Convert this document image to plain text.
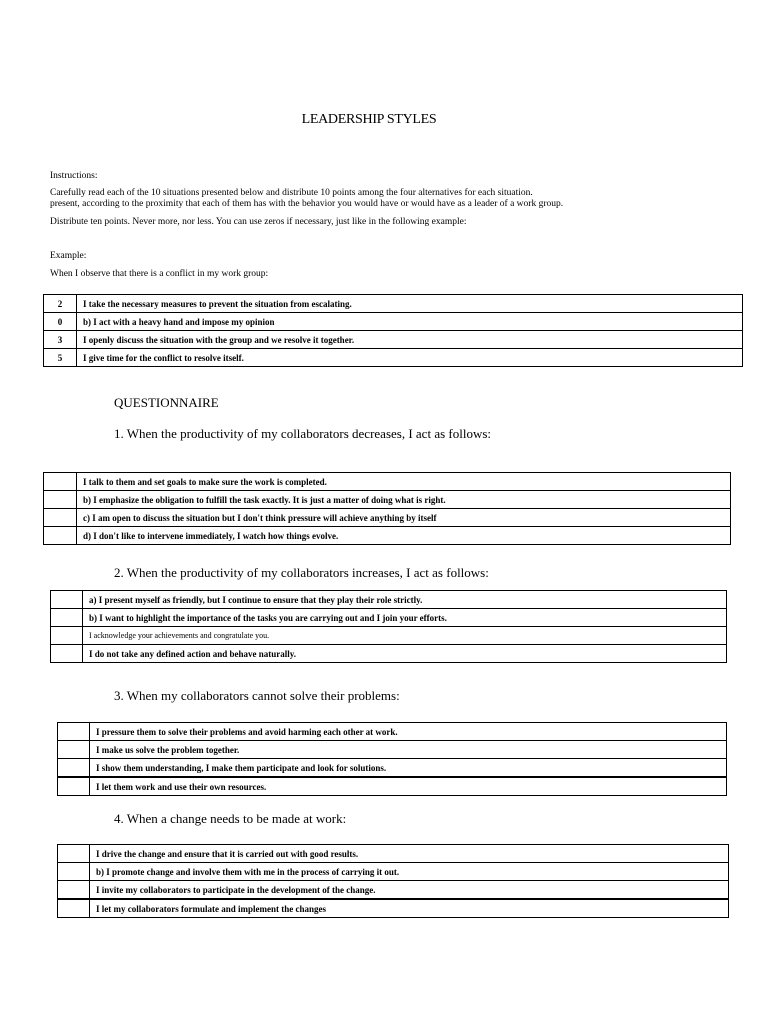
LEADERSHIP STYLES
Instructions:
Carefully read each of the 10 situations presented below and distribute 10 points among the four alternatives for each situation.
present, according to the proximity that each of them has with the behavior you would have or would have as a leader of a work group.
Distribute ten points. Never more, nor less. You can use zeros if necessary, just like in the following example:
Example:
When I observe that there is a conflict in my work group:
2	I take the necessary measures to prevent the situation from escalating.
0	b) I act with a heavy hand and impose my opinion
3	I openly discuss the situation with the group and we resolve it together.
5	I give time for the conflict to resolve itself.
QUESTIONNAIRE
1. When the productivity of my collaborators decreases, I act as follows:
	I talk to them and set goals to make sure the work is completed.
	b) I emphasize the obligation to fulfill the task exactly. It is just a matter of doing what is right.
	c) I am open to discuss the situation but I don't think pressure will achieve anything by itself
	d) I don't like to intervene immediately, I watch how things evolve.
2. When the productivity of my collaborators increases, I act as follows:
	a) I present myself as friendly, but I continue to ensure that they play their role strictly.
	b) I want to highlight the importance of the tasks you are carrying out and I join your efforts.
	I acknowledge your achievements and congratulate you.
	I do not take any defined action and behave naturally.
3. When my collaborators cannot solve their problems:
	I pressure them to solve their problems and avoid harming each other at work.
	I make us solve the problem together.
	I show them understanding, I make them participate and look for solutions.
	I let them work and use their own resources.
4. When a change needs to be made at work:
	I drive the change and ensure that it is carried out with good results.
	b) I promote change and involve them with me in the process of carrying it out.
	I invite my collaborators to participate in the development of the change.
	I let my collaborators formulate and implement the changes
